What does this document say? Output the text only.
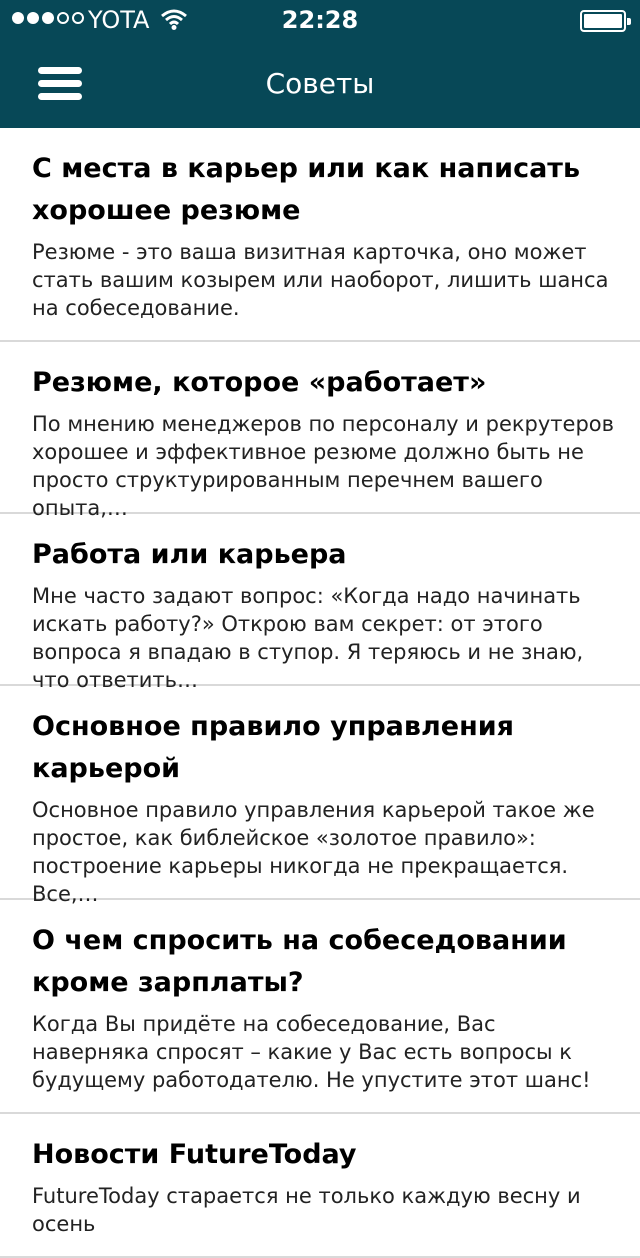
YOTA	22:28
Советы
С места в карьер или как написать хорошее резюме

Резюме - это ваша визитная карточка, оно может стать вашим козырем или наоборот, лишить шанса на собеседование.

Резюме, которое «работает»

По мнению менеджеров по персоналу и рекрутеров хорошее и эффективное резюме должно быть не просто структурированным перечнем вашего опыта,…

Работа или карьера

Мне часто задают вопрос: «Когда надо начинать искать работу?» Открою вам секрет: от этого вопроса я впадаю в ступор. Я теряюсь и не знаю, что ответить…

Основное правило управления карьерой

Основное правило управления карьерой такое же простое, как библейское «золотое правило»: построение карьеры никогда не прекращается. Все,…

О чем спросить на собеседовании кроме зарплаты?

Когда Вы придёте на собеседование, Вас наверняка спросят – какие у Вас есть вопросы к будущему работодателю. Не упустите этот шанс!

Новости FutureToday

FutureToday старается не только каждую весну и осень
